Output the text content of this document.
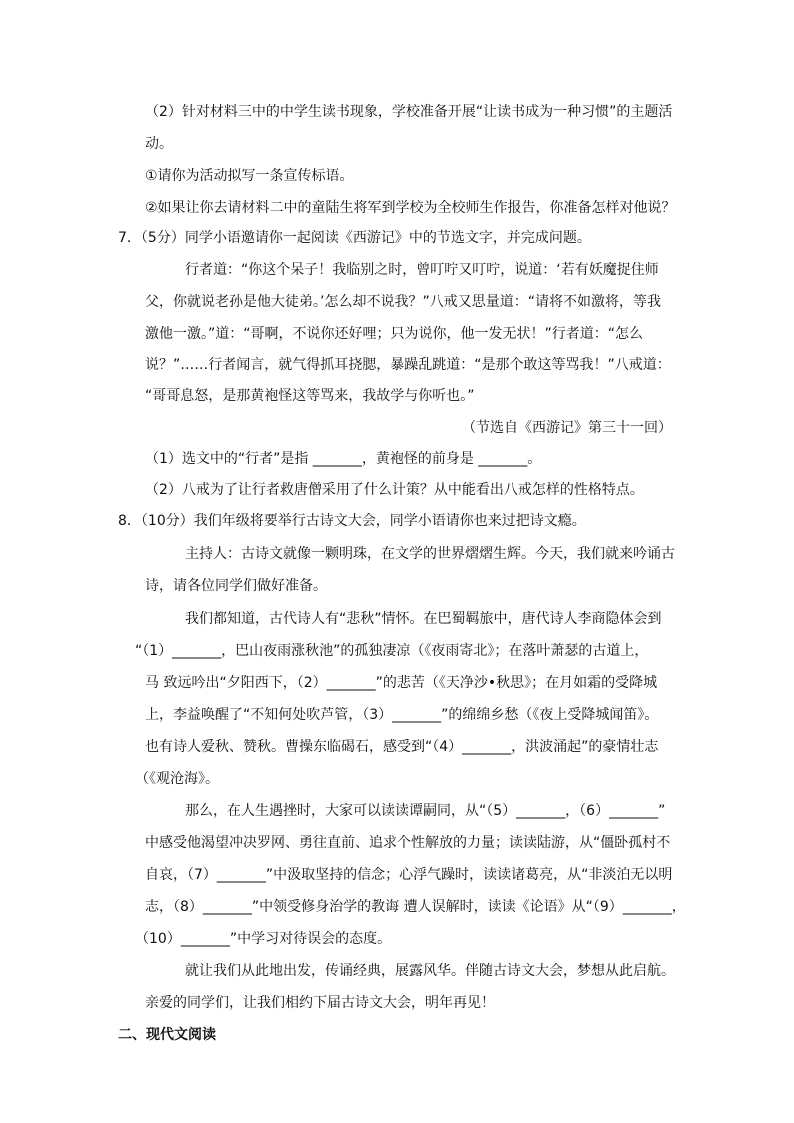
（2）针对材料三中的中学生读书现象，学校准备开展“让读书成为一种习惯”的主题活
动。
①请你为活动拟写一条宣传标语。
②如果让你去请材料二中的童陆生将军到学校为全校师生作报告，你准备怎样对他说？
7．（5分）同学小语邀请你一起阅读《西游记》中的节选文字，并完成问题。
行者道：“你这个呆子！我临别之时，曾叮咛又叮咛，说道：‘若有妖魔捉住师
父，你就说老孙是他大徒弟。’怎么却不说我？”八戒又思量道：“请将不如激将，等我
激他一激。”道：“哥啊，不说你还好哩；只为说你，他一发无状！”行者道：“怎么
说？”……行者闻言，就气得抓耳挠腮，暴躁乱跳道：“是那个敢这等骂我！”八戒道：
“哥哥息怒，是那黄袍怪这等骂来，我故学与你听也。”
（节选自《西游记》第三十一回）
（1）选文中的“行者”是指 _______，黄袍怪的前身是 _______。
（2）八戒为了让行者救唐僧采用了什么计策？从中能看出八戒怎样的性格特点。
8．（10分）我们年级将要举行古诗文大会，同学小语请你也来过把诗文瘾。
主持人：古诗文就像一颗明珠，在文学的世界熠熠生辉。今天，我们就来吟诵古
诗，请各位同学们做好准备。
我们都知道，古代诗人有“悲秋”情怀。在巴蜀羁旅中，唐代诗人李商隐体会到
“（1）_______，巴山夜雨涨秋池”的孤独凄凉（《夜雨寄北》；在落叶萧瑟的古道上，
马 致远吟出“夕阳西下，（2）_______”的悲苦（《天净沙•秋思》；在月如霜的受降城
上，李益唤醒了“不知何处吹芦管，（3）_______”的绵绵乡愁（《夜上受降城闻笛》。
也有诗人爱秋、赞秋。曹操东临碣石，感受到“（4）_______，洪波涌起”的豪情壮志
（《观沧海》。
那么，在人生遇挫时，大家可以读读谭嗣同，从“（5）_______，（6）_______”
中感受他渴望冲决罗网、勇往直前、追求个性解放的力量；读读陆游，从“僵卧孤村不
自哀，（7）_______”中汲取坚持的信念；心浮气躁时，读读诸葛亮，从“非淡泊无以明
志，（8）_______”中领受修身治学的教诲 遭人误解时，读读《论语》从“（9）_______，
（10）_______”中学习对待误会的态度。
就让我们从此地出发，传诵经典，展露风华。伴随古诗文大会，梦想从此启航。
亲爱的同学们，让我们相约下届古诗文大会，明年再见！
二、现代文阅读
